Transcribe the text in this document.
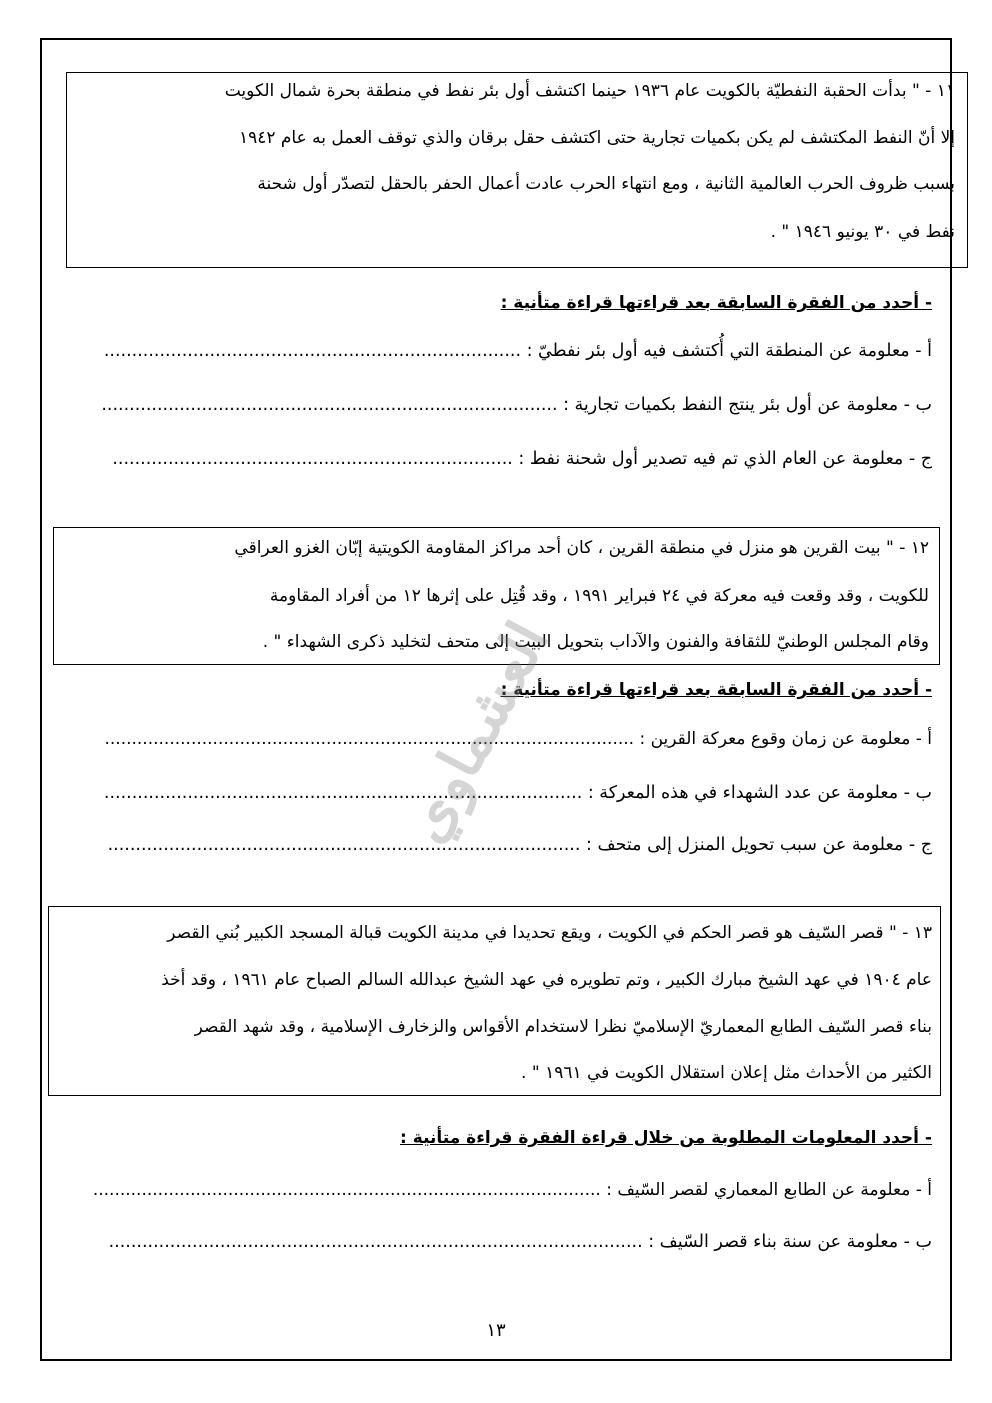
١١ - " بدأت الحقبة النفطيّة بالكويت عام ١٩٣٦ حينما اكتشف أول بئر نفط في منطقة بحرة شمال الكويت

إلا أنّ النفط المكتشف لم يكن بكميات تجارية حتى اكتشف حقل برقان والذي توقف العمل به عام ١٩٤٢

بسبب ظروف الحرب العالمية الثانية ، ومع انتهاء الحرب عادت أعمال الحفر بالحقل لتصدّر أول شحنة

نفط في ٣٠ يونيو ١٩٤٦ " .

- أحدد من الفقرة السابقة بعد قراءتها قراءة متأنية :
أ - معلومة عن المنطقة التي أُكتشف فيه أول بئر نفطيّ : ...........................................................................
ب - معلومة عن أول بئر ينتج النفط بكميات تجارية : ..................................................................................
ج - معلومة عن العام الذي تم فيه تصدير أول شحنة نفط : ........................................................................

١٢ - " بيت القرين هو منزل في منطقة القرين ، كان أحد مراكز المقاومة الكويتية إبّان الغزو العراقي

للكويت ، وقد وقعت فيه معركة في ٢٤ فبراير ١٩٩١ ، وقد قُتِل على إثرها ١٢ من أفراد المقاومة

وقام المجلس الوطنيّ للثقافة والفنون والآداب بتحويل البيت إلى متحف لتخليد ذكرى الشهداء " .

- أحدد من الفقرة السابقة بعد قراءتها قراءة متأنية :
أ - معلومة عن زمان وقوع معركة القرين : ..................................................................................................
ب - معلومة عن عدد الشهداء في هذه المعركة : ......................................................................................
ج - معلومة عن سبب تحويل المنزل إلى متحف : .....................................................................................

١٣ - " قصر السّيف هو قصر الحكم في الكويت ، ويقع تحديدا في مدينة الكويت قبالة المسجد الكبير بُني القصر

عام ١٩٠٤ في عهد الشيخ مبارك الكبير ، وتم تطويره في عهد الشيخ عبدالله السالم الصباح عام ١٩٦١ ، وقد أخذ

بناء قصر السّيف الطابع المعماريّ الإسلاميّ نظرا لاستخدام الأقواس والزخارف الإسلامية ، وقد شهد القصر

الكثير من الأحداث مثل إعلان استقلال الكويت في ١٩٦١ " .

- أحدد المعلومات المطلوبة من خلال قراءة الفقرة قراءة متأنية :
أ - معلومة عن الطابع المعماري لقصر السّيف : ..............................................................................................
ب - معلومة عن سنة بناء قصر السّيف : ................................................................................................
العشماوي
١٣
